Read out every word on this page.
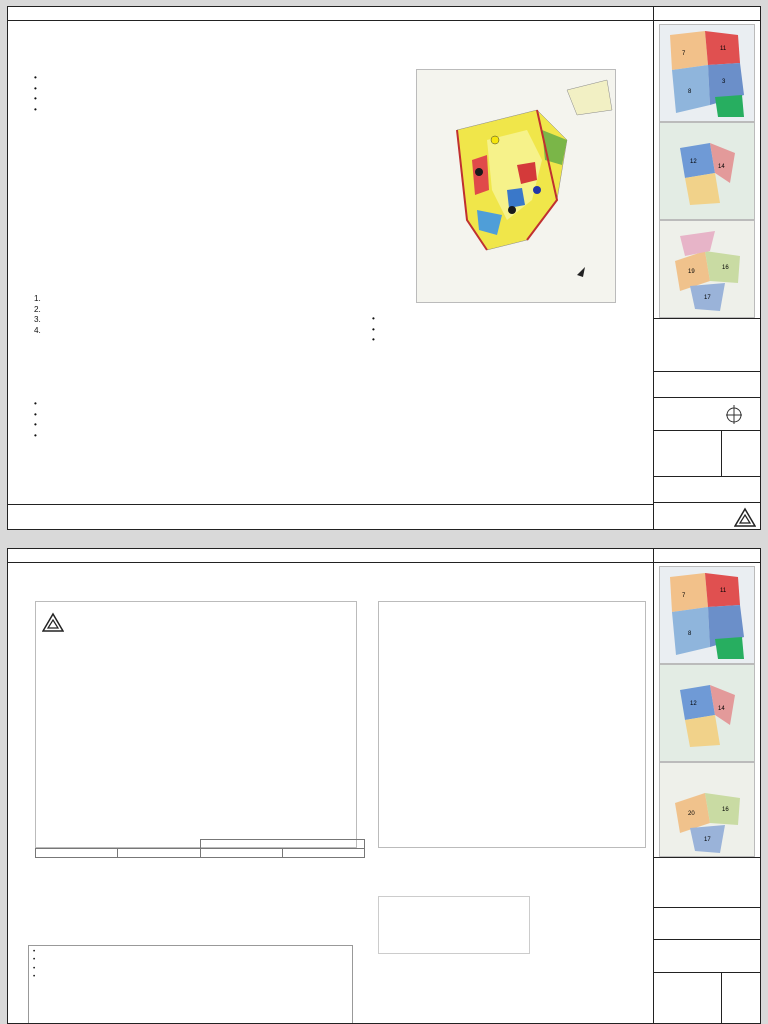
•
•
•
•

1.
2.
3.
4.
•
•
•
•
•
•
•
7
11
8
3
12
14
19
16
17

•
•
•
•
7
11
8
12
14
20
16
17
